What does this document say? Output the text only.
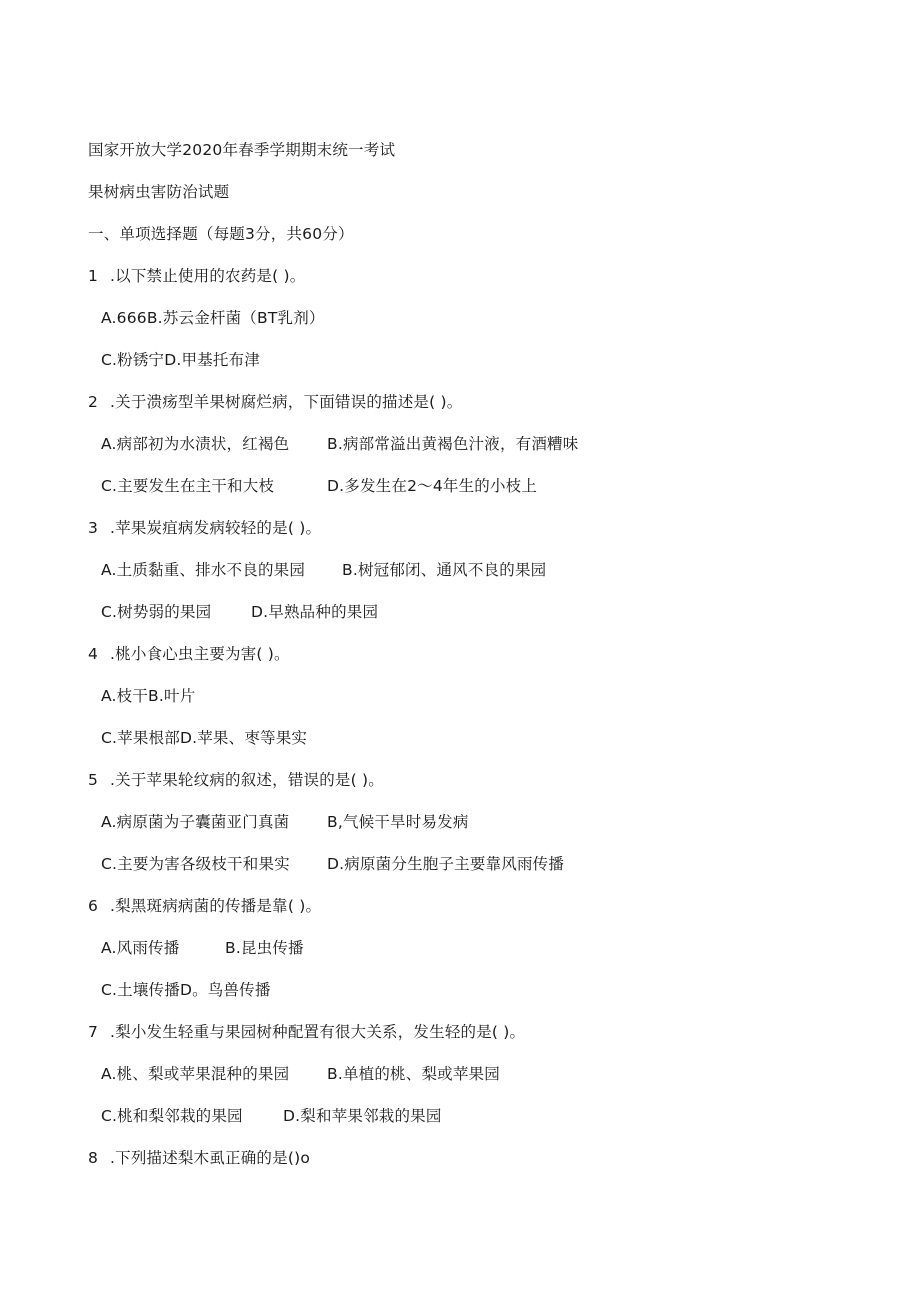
国家开放大学2020年春季学期期末统一考试
果树病虫害防治试题
一、单项选择题（每题3分，共60分）
1 .以下禁止使用的农药是( )。
A.666B.苏云金杆菌（BT乳剂）
C.粉锈宁D.甲基托布津
2 .关于溃疡型羊果树腐烂病，下面错误的描述是( )。
A.病部初为水渍状，红褐色 B.病部常溢出黄褐色汁液，有酒糟味
C.主要发生在主干和大枝	D.多发生在2～4年生的小枝上
3 .苹果炭疽病发病较轻的是( )。
A.土质黏重、排水不良的果园 B.树冠郁闭、通风不良的果园
C.树势弱的果园	D.早熟品种的果园
4 .桃小食心虫主要为害( )。
A.枝干B.叶片
C.苹果根部D.苹果、枣等果实
5 .关于苹果轮纹病的叙述，错误的是( )。
A.病原菌为子囊菌亚门真菌 B,气候干旱时易发病
C.主要为害各级枝干和果实 D.病原菌分生胞子主要靠风雨传播
6 .梨黑斑病病菌的传播是靠( )。
A.风雨传播	B.昆虫传播
C.土壤传播D。鸟兽传播
7 .梨小发生轻重与果园树种配置有很大关系，发生轻的是( )。
A.桃、梨或苹果混种的果园 B.单植的桃、梨或苹果园
C.桃和梨邻栽的果园	D.梨和苹果邻栽的果园
8 .下列描述梨木虱正确的是()o
